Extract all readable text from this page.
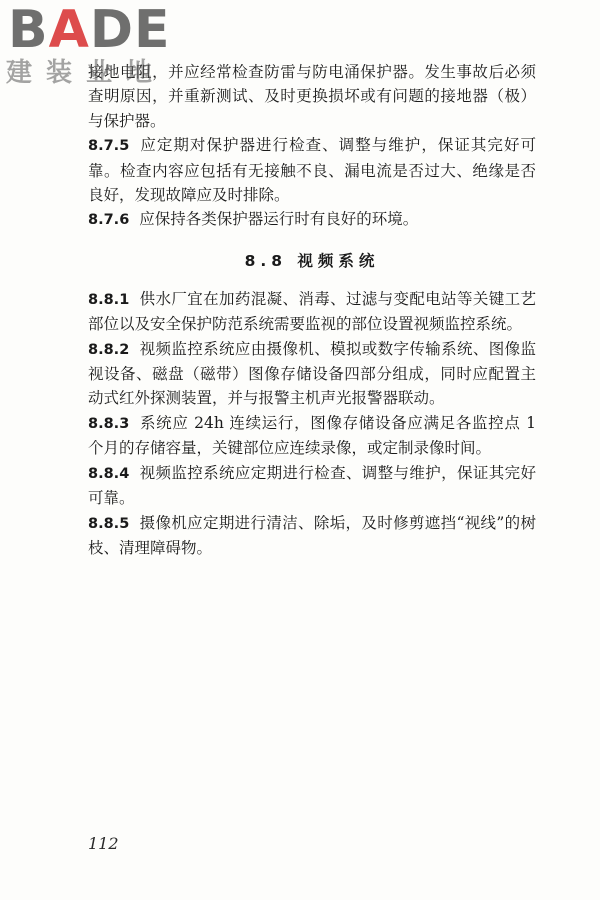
BADE
建装业地

接地电阻，并应经常检查防雷与防电涌保护器。发生事故后必须查明原因，并重新测试、及时更换损坏或有问题的接地器（极）与保护器。

8.7.5 应定期对保护器进行检查、调整与维护，保证其完好可靠。检查内容应包括有无接触不良、漏电流是否过大、绝缘是否良好，发现故障应及时排除。

8.7.6 应保持各类保护器运行时有良好的环境。

8.8 视频系统

8.8.1 供水厂宜在加药混凝、消毒、过滤与变配电站等关键工艺部位以及安全保护防范系统需要监视的部位设置视频监控系统。

8.8.2 视频监控系统应由摄像机、模拟或数字传输系统、图像监视设备、磁盘（磁带）图像存储设备四部分组成，同时应配置主动式红外探测装置，并与报警主机声光报警器联动。

8.8.3 系统应 24h 连续运行，图像存储设备应满足各监控点 1 个月的存储容量，关键部位应连续录像，或定制录像时间。

8.8.4 视频监控系统应定期进行检查、调整与维护，保证其完好可靠。

8.8.5 摄像机应定期进行清洁、除垢，及时修剪遮挡“视线”的树枝、清理障碍物。

112
